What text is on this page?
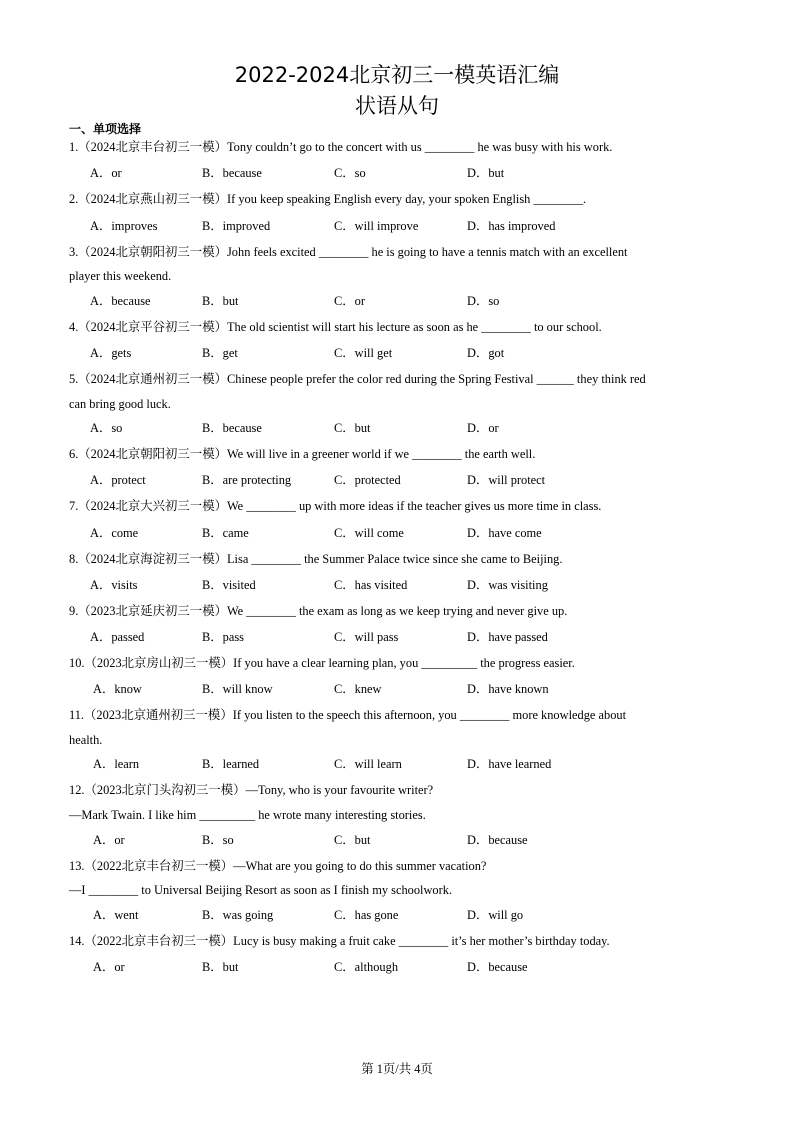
2022-2024北京初三一模英语汇编
状语从句
一、单项选择
1.（2024北京丰台初三一模）Tony couldn’t go to the concert with us ________ he was busy with his work.
A．or	B．because	C．so	D．but
2.（2024北京燕山初三一模）If you keep speaking English every day, your spoken English ________.
A．improves	B．improved	C．will improve	D．has improved
3.（2024北京朝阳初三一模）John feels excited ________ he is going to have a tennis match with an excellent
player this weekend.
A．because	B．but	C．or	D．so
4.（2024北京平谷初三一模）The old scientist will start his lecture as soon as he ________ to our school.
A．gets	B．get	C．will get	D．got
5.（2024北京通州初三一模）Chinese people prefer the color red during the Spring Festival ______ they think red
can bring good luck.
A．so	B．because	C．but	D．or
6.（2024北京朝阳初三一模）We will live in a greener world if we ________ the earth well.
A．protect	B．are protecting	C．protected	D．will protect
7.（2024北京大兴初三一模）We ________ up with more ideas if the teacher gives us more time in class.
A．come	B．came	C．will come	D．have come
8.（2024北京海淀初三一模）Lisa ________ the Summer Palace twice since she came to Beijing.
A．visits	B．visited	C．has visited	D．was visiting
9.（2023北京延庆初三一模）We ________ the exam as long as we keep trying and never give up.
A．passed	B．pass	C．will pass	D．have passed
10.（2023北京房山初三一模）If you have a clear learning plan, you _________ the progress easier.
A．know	B．will know	C．knew	D．have known
11.（2023北京通州初三一模）If you listen to the speech this afternoon, you ________ more knowledge about
health.
A．learn	B．learned	C．will learn	D．have learned
12.（2023北京门头沟初三一模）—Tony, who is your favourite writer?
—Mark Twain. I like him _________ he wrote many interesting stories.
A．or	B．so	C．but	D．because
13.（2022北京丰台初三一模）—What are you going to do this summer vacation?
—I ________ to Universal Beijing Resort as soon as I finish my schoolwork.
A．went	B．was going	C．has gone	D．will go
14.（2022北京丰台初三一模）Lucy is busy making a fruit cake ________ it’s her mother’s birthday today.
A．or	B．but	C．although	D．because
第 1页/共 4页
